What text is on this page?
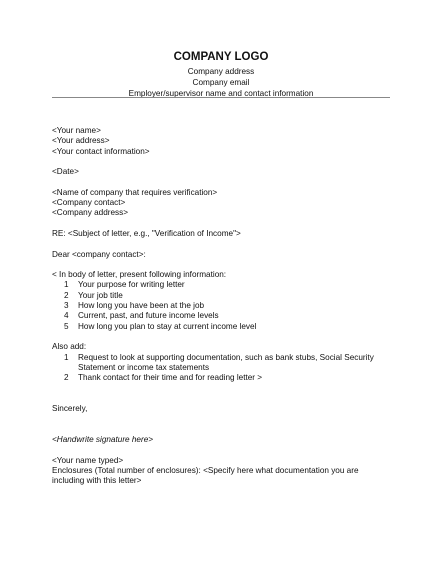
COMPANY LOGO
Company address
Company email
Employer/supervisor name and contact information
<Your name>
<Your address>
<Your contact information>
<Date>
<Name of company that requires verification>
<Company contact>
<Company address>
RE: <Subject of letter, e.g., "Verification of Income">
Dear <company contact>:
< In body of letter, present following information:
1	Your purpose for writing letter
2	Your job title
3	How long you have been at the job
4	Current, past, and future income levels
5	How long you plan to stay at current income level
Also add:
1	Request to look at supporting documentation, such as bank stubs, Social Security Statement or income tax statements
2	Thank contact for their time and for reading letter >
Sincerely,
<Handwrite signature here>
<Your name typed>
Enclosures (Total number of enclosures): <Specify here what documentation you are including with this letter>
